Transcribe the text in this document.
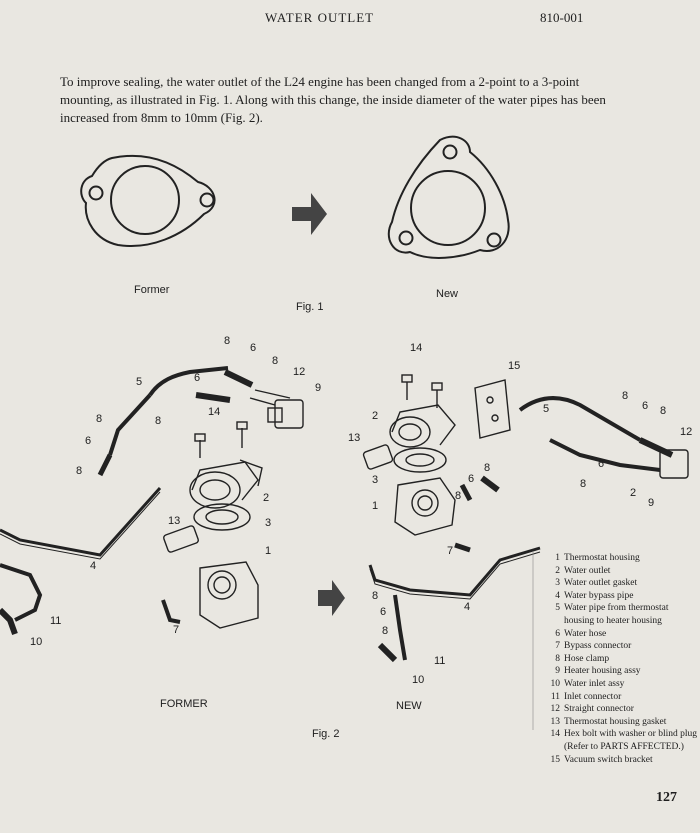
WATER OUTLET	810-001

To improve sealing, the water outlet of the L24 engine has been changed from a 2-point to a 3-point mounting, as illustrated in Fig. 1. Along with this change, the inside diameter of the water pipes has been increased from 8mm to 10mm (Fig. 2).

8
6
8
12
9
5	6
8
14
8
6
8
2
3
13
1
4
11
10
7
14
15
2
13
3
1
6
8
8
7
5
8
6 8
12
6
8
2
9
8
6
8
11
10
4
Former	New
Fig. 1
FORMER	NEW
Fig. 2
1 Thermostat housing
2 Water outlet
3 Water outlet gasket
4 Water bypass pipe
5 Water pipe from thermostat housing to heater housing
6 Water hose
7 Bypass connector
8 Hose clamp
9 Heater housing assy
10 Water inlet assy
11 Inlet connector
12 Straight connector
13 Thermostat housing gasket
14 Hex bolt with washer or blind plug (Refer to PARTS AFFECTED.)
15 Vacuum switch bracket
127
